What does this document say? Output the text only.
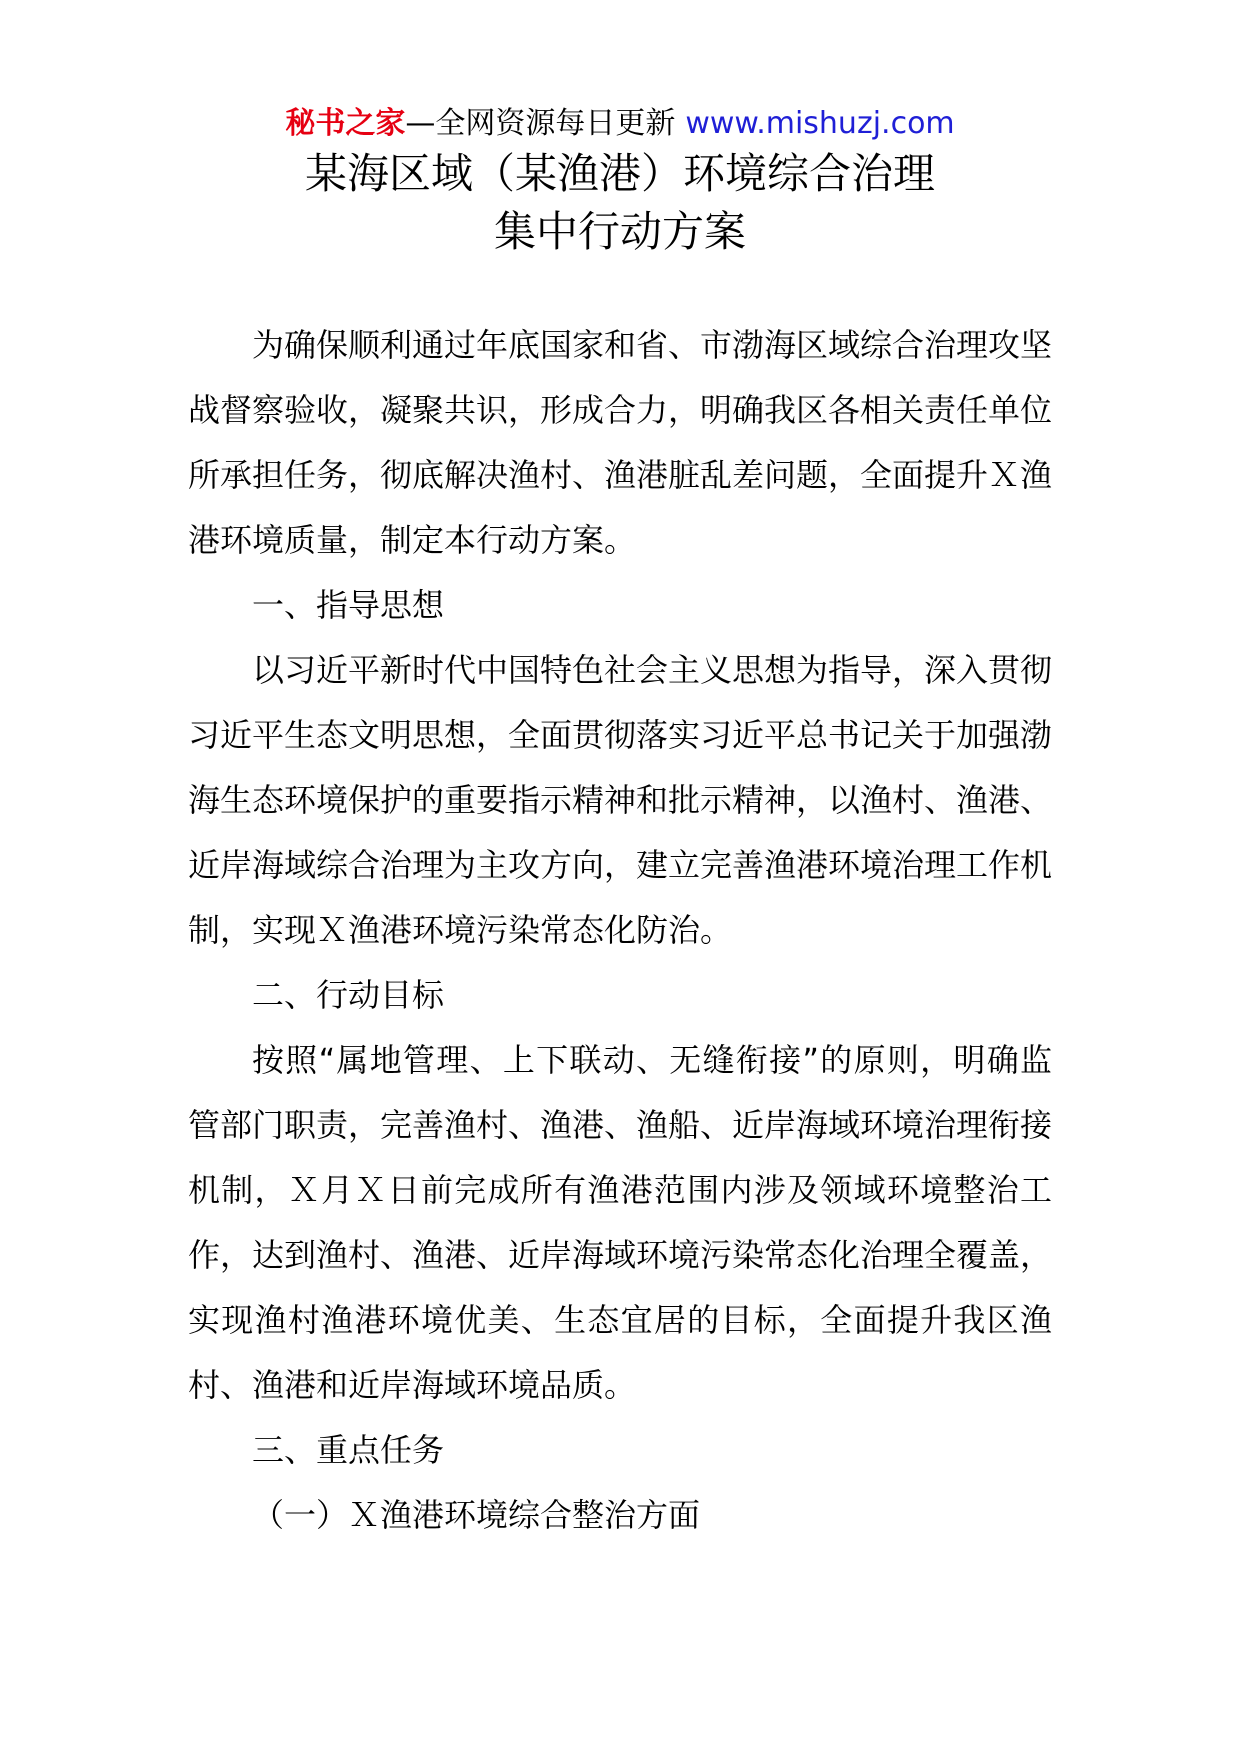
秘书之家—全网资源每日更新 www.mishuzj.com
某海区域（某渔港）环境综合治理
集中行动方案

为确保顺利通过年底国家和省、市渤海区域综合治理攻坚战督察验收，凝聚共识，形成合力，明确我区各相关责任单位所承担任务，彻底解决渔村、渔港脏乱差问题，全面提升Ｘ渔港环境质量，制定本行动方案。

一、指导思想

以习近平新时代中国特色社会主义思想为指导，深入贯彻习近平生态文明思想，全面贯彻落实习近平总书记关于加强渤海生态环境保护的重要指示精神和批示精神，以渔村、渔港、近岸海域综合治理为主攻方向，建立完善渔港环境治理工作机制，实现Ｘ渔港环境污染常态化防治。

二、行动目标

按照“属地管理、上下联动、无缝衔接”的原则，明确监管部门职责，完善渔村、渔港、渔船、近岸海域环境治理衔接机制，Ｘ月Ｘ日前完成所有渔港范围内涉及领域环境整治工作，达到渔村、渔港、近岸海域环境污染常态化治理全覆盖，实现渔村渔港环境优美、生态宜居的目标，全面提升我区渔村、渔港和近岸海域环境品质。

三、重点任务

（一）Ｘ渔港环境综合整治方面
